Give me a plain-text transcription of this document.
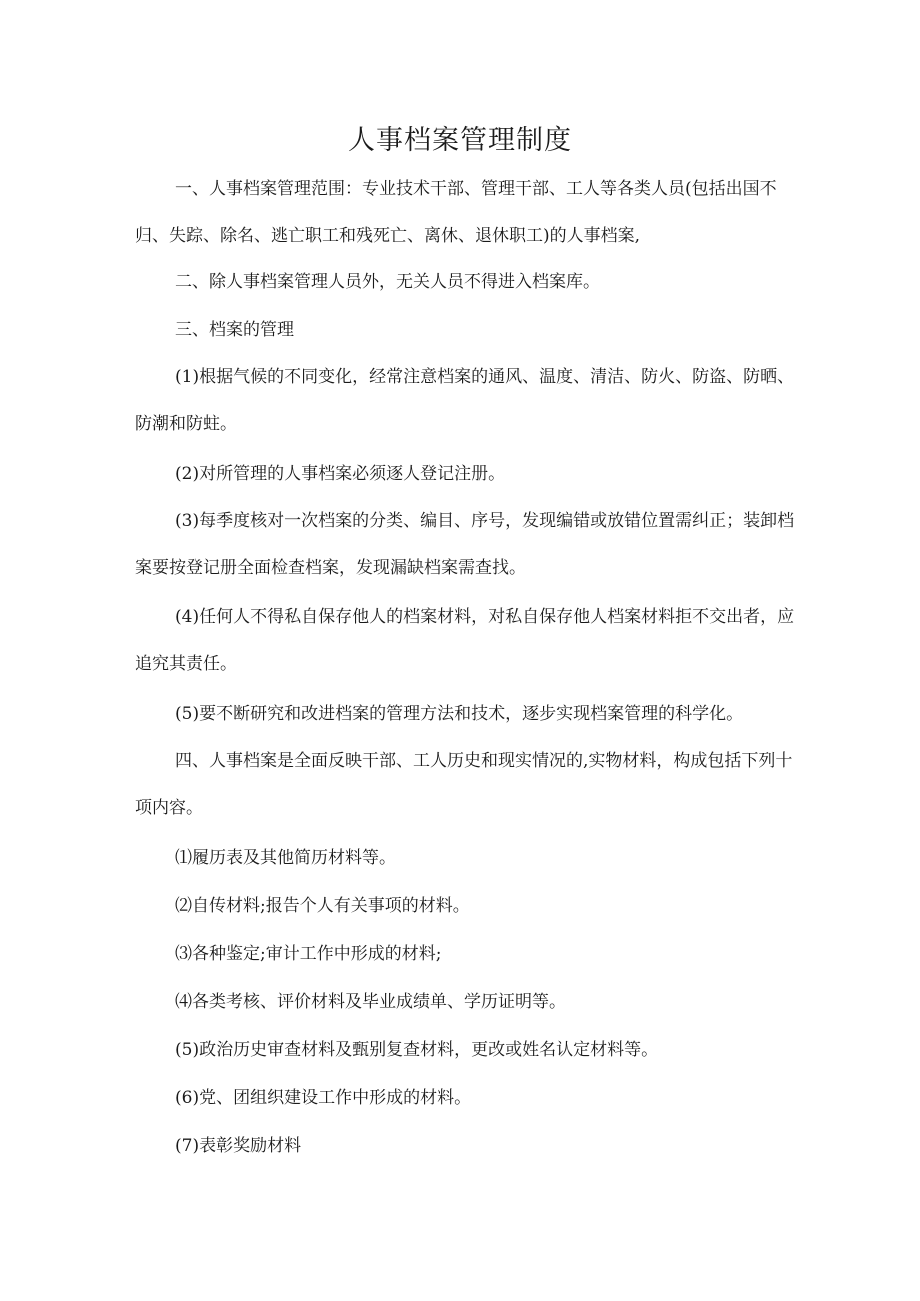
人事档案管理制度
一、人事档案管理范围：专业技术干部、管理干部、工人等各类人员(包括出国不归、失踪、除名、逃亡职工和残死亡、离休、退休职工)的人事档案,
二、除人事档案管理人员外，无关人员不得进入档案库。
三、档案的管理
(1)根据气候的不同变化，经常注意档案的通风、温度、清洁、防火、防盗、防晒、防潮和防蛀。
(2)对所管理的人事档案必须逐人登记注册。
(3)每季度核对一次档案的分类、编目、序号，发现编错或放错位置需纠正；装卸档案要按登记册全面检查档案，发现漏缺档案需查找。
(4)任何人不得私自保存他人的档案材料，对私自保存他人档案材料拒不交出者，应追究其责任。
(5)要不断研究和改进档案的管理方法和技术，逐步实现档案管理的科学化。
四、人事档案是全面反映干部、工人历史和现实情况的,实物材料，构成包括下列十项内容。
⑴履历表及其他简历材料等。
⑵自传材料;报告个人有关事项的材料。
⑶各种鉴定;审计工作中形成的材料;
⑷各类考核、评价材料及毕业成绩单、学历证明等。
(5)政治历史审查材料及甄别复查材料，更改或姓名认定材料等。
(6)党、团组织建设工作中形成的材料。
(7)表彰奖励材料
